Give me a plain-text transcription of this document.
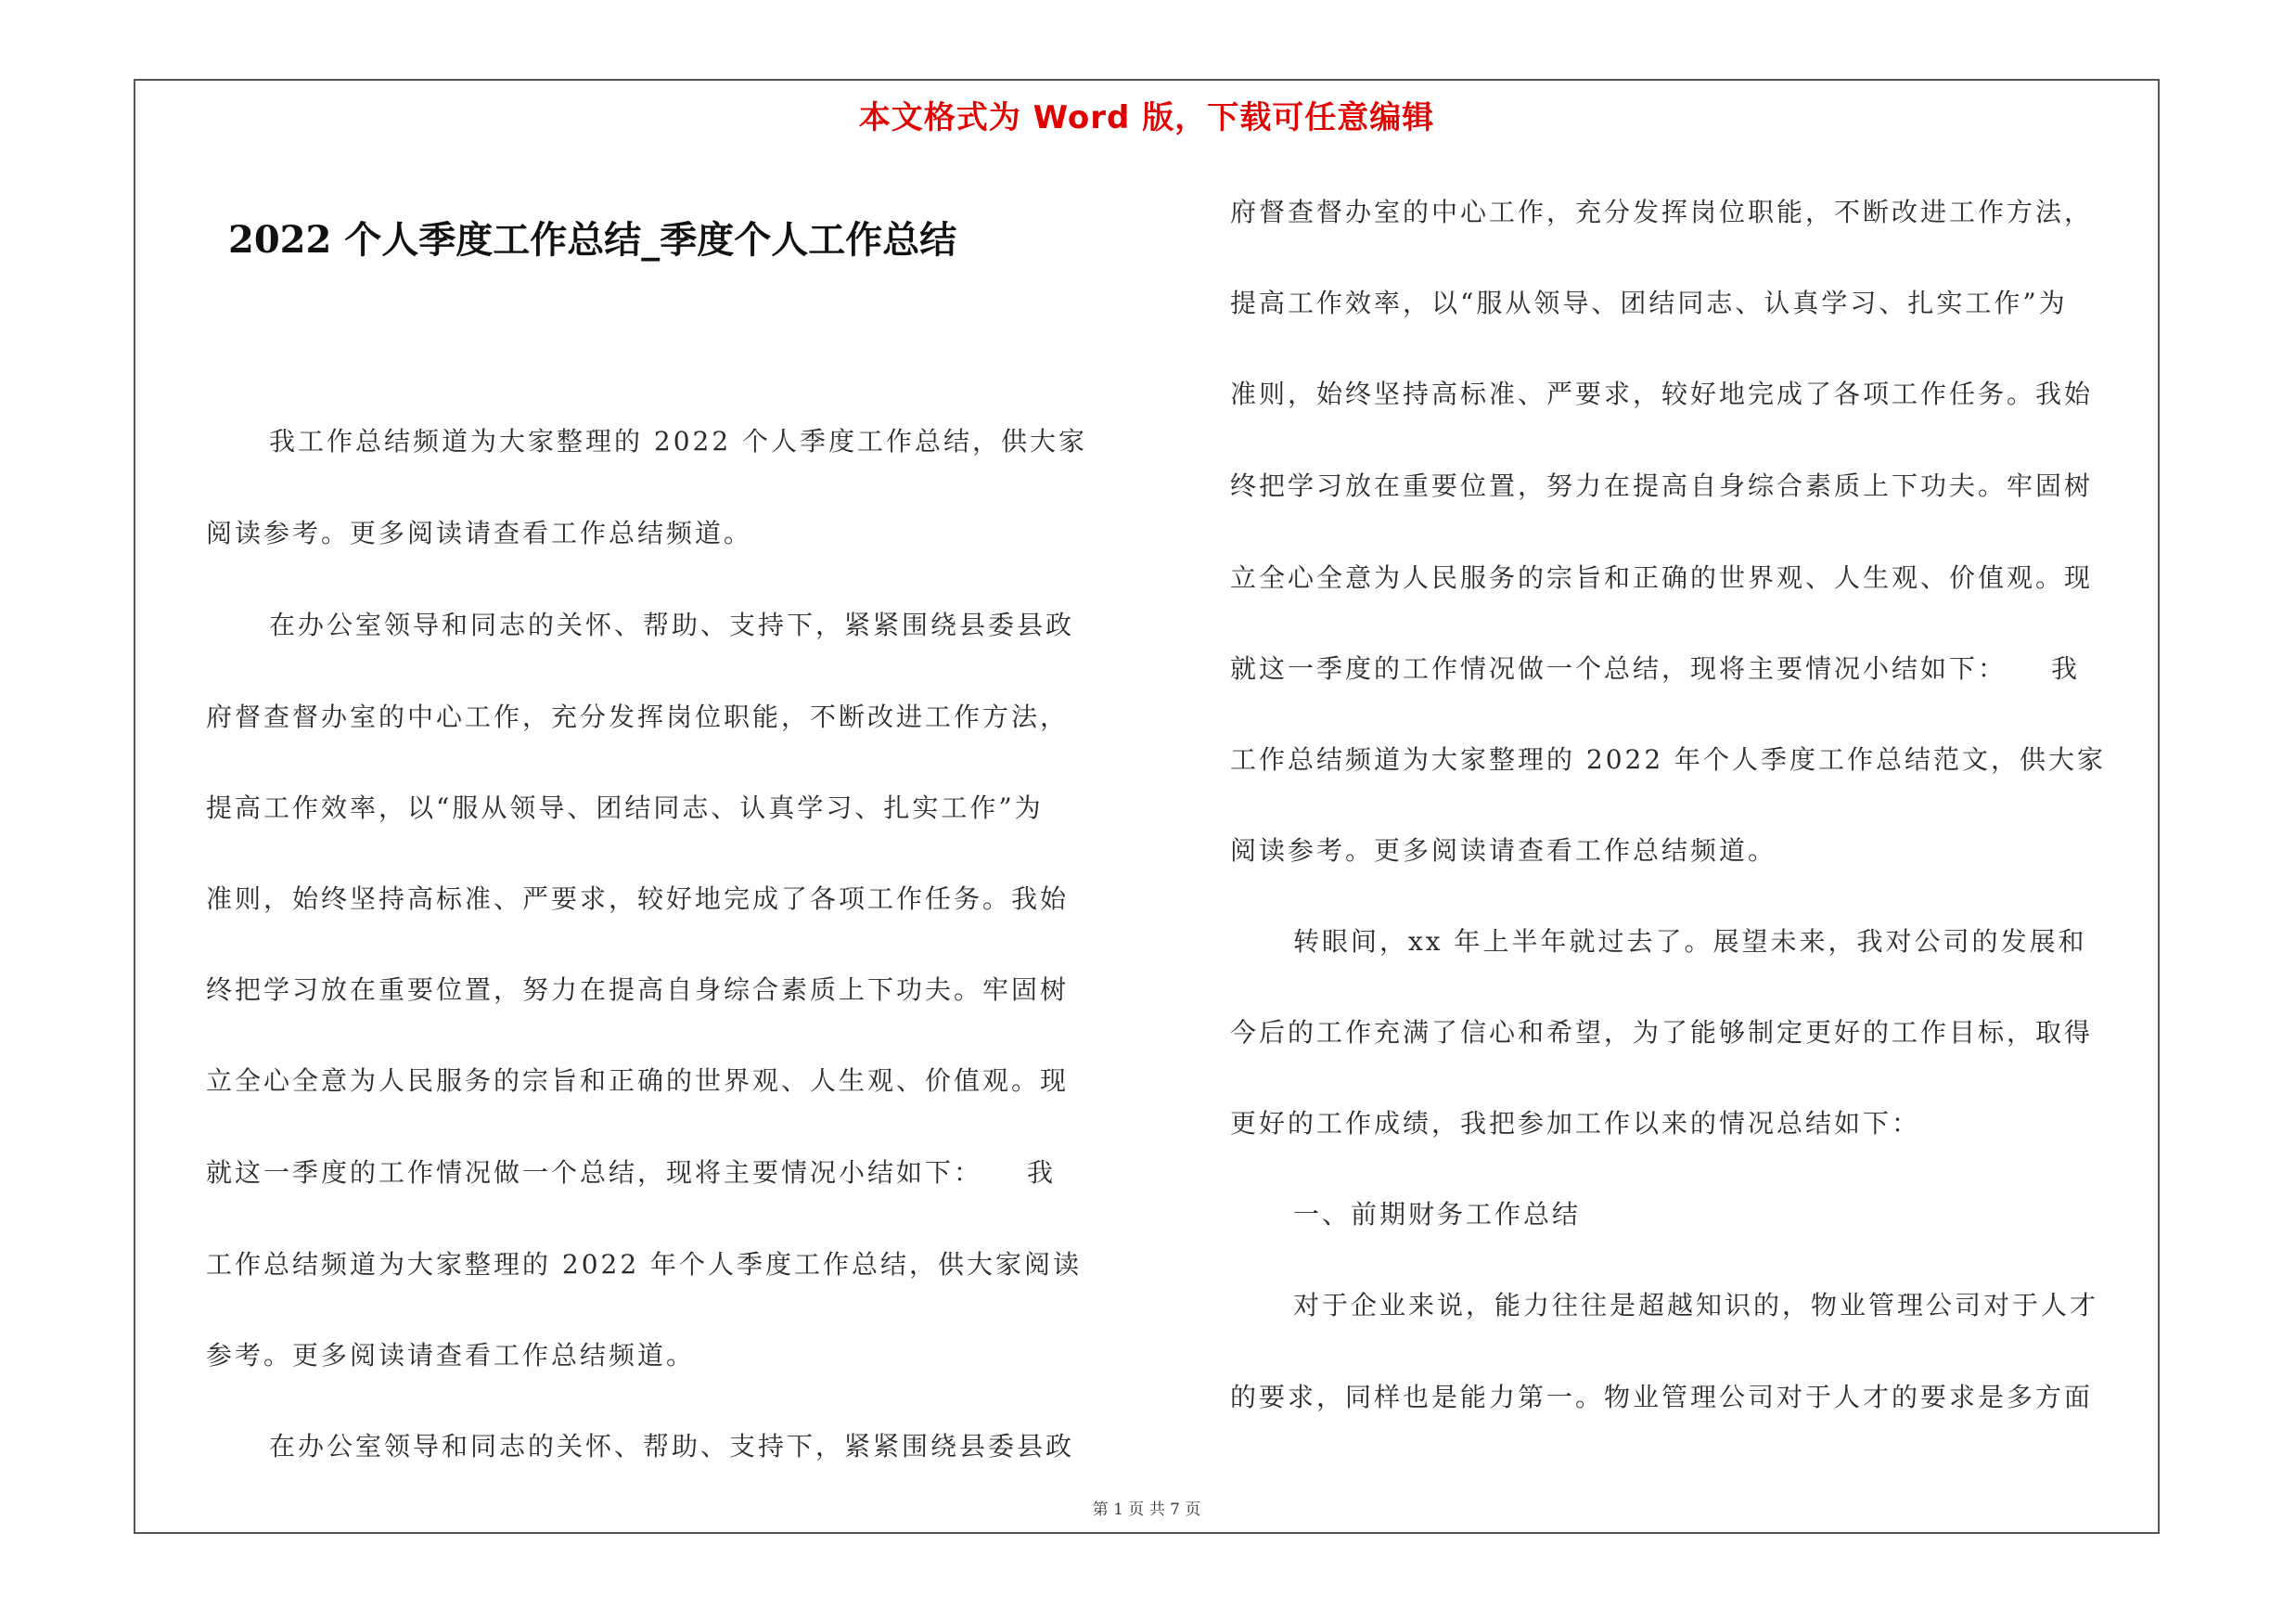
本文格式为 Word 版，下载可任意编辑
2022 个人季度工作总结_季度个人工作总结
我工作总结频道为大家整理的 2022 个人季度工作总结，供大家
阅读参考。更多阅读请查看工作总结频道。
在办公室领导和同志的关怀、帮助、支持下，紧紧围绕县委县政
府督查督办室的中心工作，充分发挥岗位职能，不断改进工作方法，
提高工作效率，以“服从领导、团结同志、认真学习、扎实工作”为
准则，始终坚持高标准、严要求，较好地完成了各项工作任务。我始
终把学习放在重要位置，努力在提高自身综合素质上下功夫。牢固树
立全心全意为人民服务的宗旨和正确的世界观、人生观、价值观。现
就这一季度的工作情况做一个总结，现将主要情况小结如下：　　我
工作总结频道为大家整理的 2022 年个人季度工作总结，供大家阅读
参考。更多阅读请查看工作总结频道。
在办公室领导和同志的关怀、帮助、支持下，紧紧围绕县委县政
府督查督办室的中心工作，充分发挥岗位职能，不断改进工作方法，
提高工作效率，以“服从领导、团结同志、认真学习、扎实工作”为
准则，始终坚持高标准、严要求，较好地完成了各项工作任务。我始
终把学习放在重要位置，努力在提高自身综合素质上下功夫。牢固树
立全心全意为人民服务的宗旨和正确的世界观、人生观、价值观。现
就这一季度的工作情况做一个总结，现将主要情况小结如下：　　我
工作总结频道为大家整理的 2022 年个人季度工作总结范文，供大家
阅读参考。更多阅读请查看工作总结频道。
转眼间，xx 年上半年就过去了。展望未来，我对公司的发展和
今后的工作充满了信心和希望，为了能够制定更好的工作目标，取得
更好的工作成绩，我把参加工作以来的情况总结如下：
一、前期财务工作总结
对于企业来说，能力往往是超越知识的，物业管理公司对于人才
的要求，同样也是能力第一。物业管理公司对于人才的要求是多方面
第 1 页 共 7 页
